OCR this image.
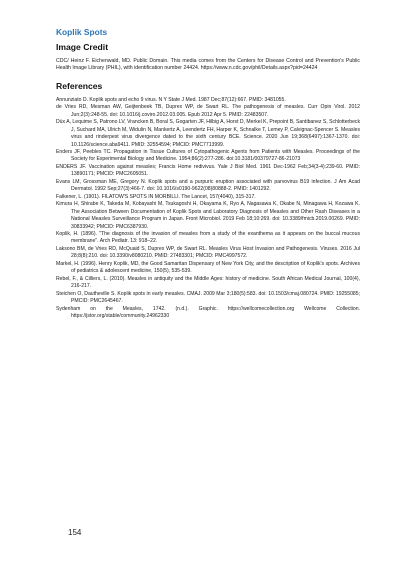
Koplik Spots
Image Credit

CDC/ Heinz F. Eichenwald, MD. Public Domain. This media comes from the Centers for Disease Control and Prevention's Public Health Image Library (PHIL), with identification number 24424. https://www.n.cdc.gov/phil/Details.aspx?pid=24424

References

Annunziato D. Koplik spots and echo 9 virus. N Y State J Med. 1987 Dec;87(12):667. PMID: 3481055.

de Vries RD, Mesman AW, Geijtenbeek TB, Duprex WP, de Swart RL. The pathogenesis of measles. Curr Opin Virol. 2012 Jun;2(3):248-55. doi: 10.1016/j.coviro.2012.03.005. Epub 2012 Apr 5. PMID: 22483507.

Düx A, Lequime S, Patrono LV, Vrancken B, Boral S, Gogarten JF, Hilbig A, Horst D, Merkel K, Prepoint B, Santibanez S, Schlotterbeck J, Suchard MA, Ulrich M, Widulin N, Mankertz A, Leendertz FH, Harper K, Schnalke T, Lemey P, Calvignac-Spencer S. Measles virus and rinderpest virus divergence dated to the sixth century BCE. Science. 2020 Jun 19;368(6497):1367-1370. doi: 10.1126/science.aba9411. PMID: 32554594; PMCID: PMC7713999.

Enders JF, Peebles TC. Propagation in Tissue Cultures of Cytopathogenic Agents from Patients with Measles. Proceedings of the Society for Experimental Biology and Medicine. 1954;86(2):277-286. doi:10.3181/00379727-86-21073

ENDERS JF. Vaccination against measles; Francis Home redivivus. Yale J Biol Med. 1961 Dec-1962 Feb;34(3-4):239-60. PMID: 13890171; PMCID: PMC2605051.

Evans LM, Grossman ME, Gregory N. Koplik spots and a purpuric eruption associated with parvovirus B19 infection. J Am Acad Dermatol. 1992 Sep;27(3):466-7. doi: 10.1016/s0190-9622(08)80888-2. PMID: 1401292.

Falkener, L. (1901). FILATOW'S SPOTS IN MORBILLI. The Lancet, 157(4040), 315-317.

Kimura H, Shirabe K, Takeda M, Kobayashi M, Tsukagoshi H, Okayama K, Ryo A, Nagasawa K, Okabe N, Minagawa H, Kozawa K. The Association Between Documentation of Koplik Spots and Laboratory Diagnosis of Measles and Other Rash Diseases in a National Measles Surveillance Program in Japan. Front Microbiol. 2019 Feb 18;10:269. doi: 10.3389/fmicb.2019.00269. PMID: 30833942; PMCID: PMC6387930.

Koplik, H. (1896). "The diagnosis of the invasion of measles from a study of the exanthema as it appears on the buccal mucous membrane". Arch Pediatr. 13: 918–22.

Laksono BM, de Vries RD, McQuaid S, Duprex WP, de Swart RL. Measles Virus Host Invasion and Pathogenesis. Viruses. 2016 Jul 28;8(8):210. doi: 10.3390/v8080210. PMID: 27483301; PMCID: PMC4997572.

Markel, H. (1996). Henry Koplik, MD, the Good Samaritan Dispensary of New York City, and the description of Koplik's spots. Archives of pediatrics & adolescent medicine, 150(5), 535-539.

Rebel, F., & Cilliers, L. (2010). Measles in antiquity and the Middle Ages: history of medicine. South African Medical Journal, 100(4), 216-217.

Steichen O, Dautheville S. Koplik spots in early measles. CMAJ. 2009 Mar 3;180(5):583. doi: 10.1503/cmaj.080724. PMID: 19255085; PMCID: PMC2645467.

Sydenham on the Measles, 1742. (n.d.). Graphic. https://wellcomecollection.org Wellcome Collection. https://jstor.org/stable/community.24962330

154
